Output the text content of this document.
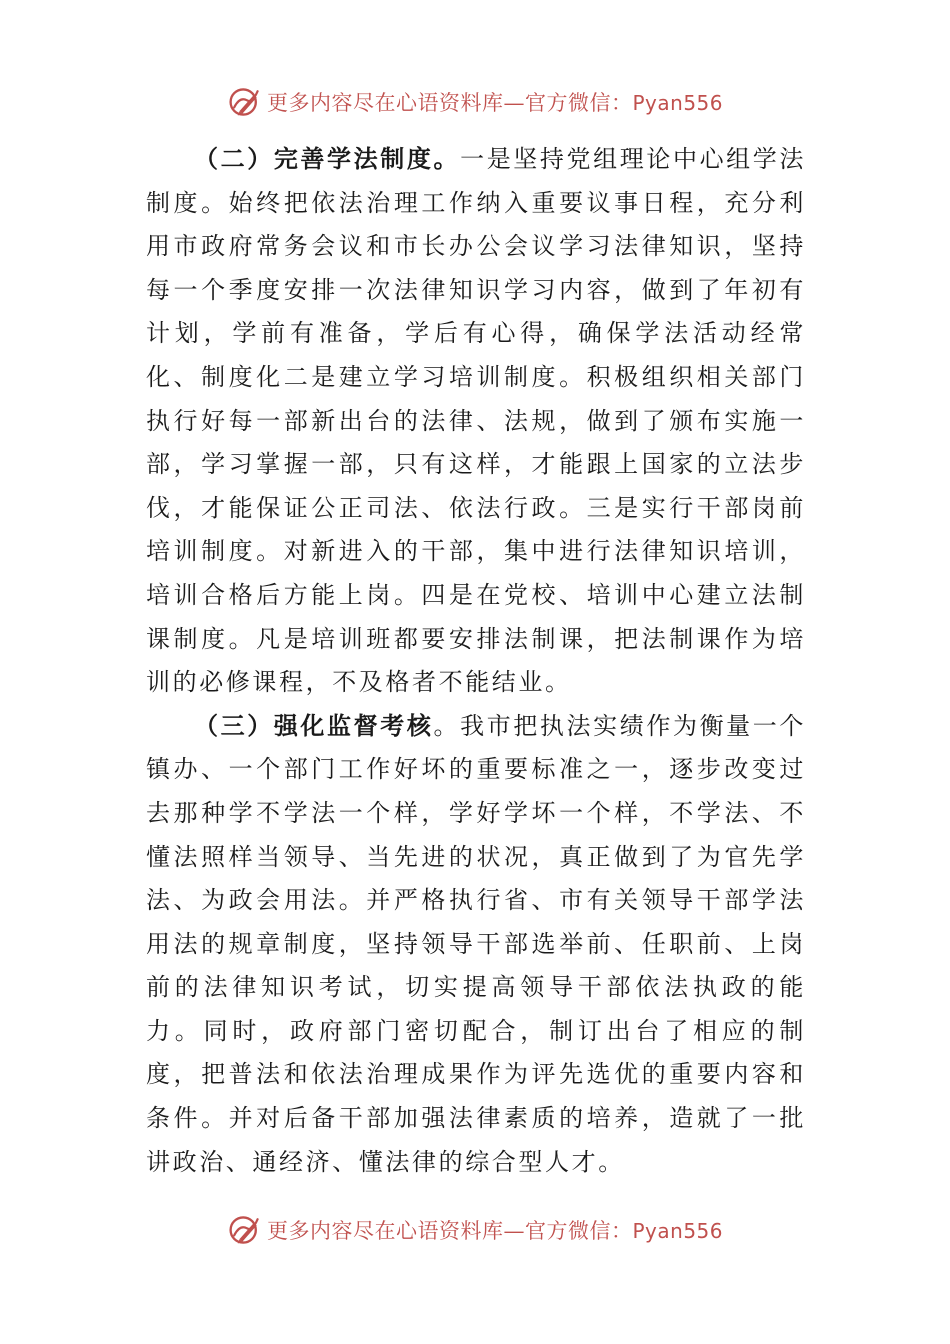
更多内容尽在心语资料库—官方微信：Pyan556

（二）完善学法制度。一是坚持党组理论中心组学法制度。始终把依法治理工作纳入重要议事日程，充分利用市政府常务会议和市长办公会议学习法律知识，坚持每一个季度安排一次法律知识学习内容，做到了年初有计划，学前有准备，学后有心得，确保学法活动经常化、制度化二是建立学习培训制度。积极组织相关部门执行好每一部新出台的法律、法规，做到了颁布实施一部，学习掌握一部，只有这样，才能跟上国家的立法步伐，才能保证公正司法、依法行政。三是实行干部岗前培训制度。对新进入的干部，集中进行法律知识培训，培训合格后方能上岗。四是在党校、培训中心建立法制课制度。凡是培训班都要安排法制课，把法制课作为培训的必修课程，不及格者不能结业。

（三）强化监督考核。我市把执法实绩作为衡量一个镇办、一个部门工作好坏的重要标准之一，逐步改变过去那种学不学法一个样，学好学坏一个样，不学法、不懂法照样当领导、当先进的状况，真正做到了为官先学法、为政会用法。并严格执行省、市有关领导干部学法用法的规章制度，坚持领导干部选举前、任职前、上岗前的法律知识考试，切实提高领导干部依法执政的能力。同时，政府部门密切配合，制订出台了相应的制度，把普法和依法治理成果作为评先选优的重要内容和条件。并对后备干部加强法律素质的培养，造就了一批讲政治、通经济、懂法律的综合型人才。

更多内容尽在心语资料库—官方微信：Pyan556
